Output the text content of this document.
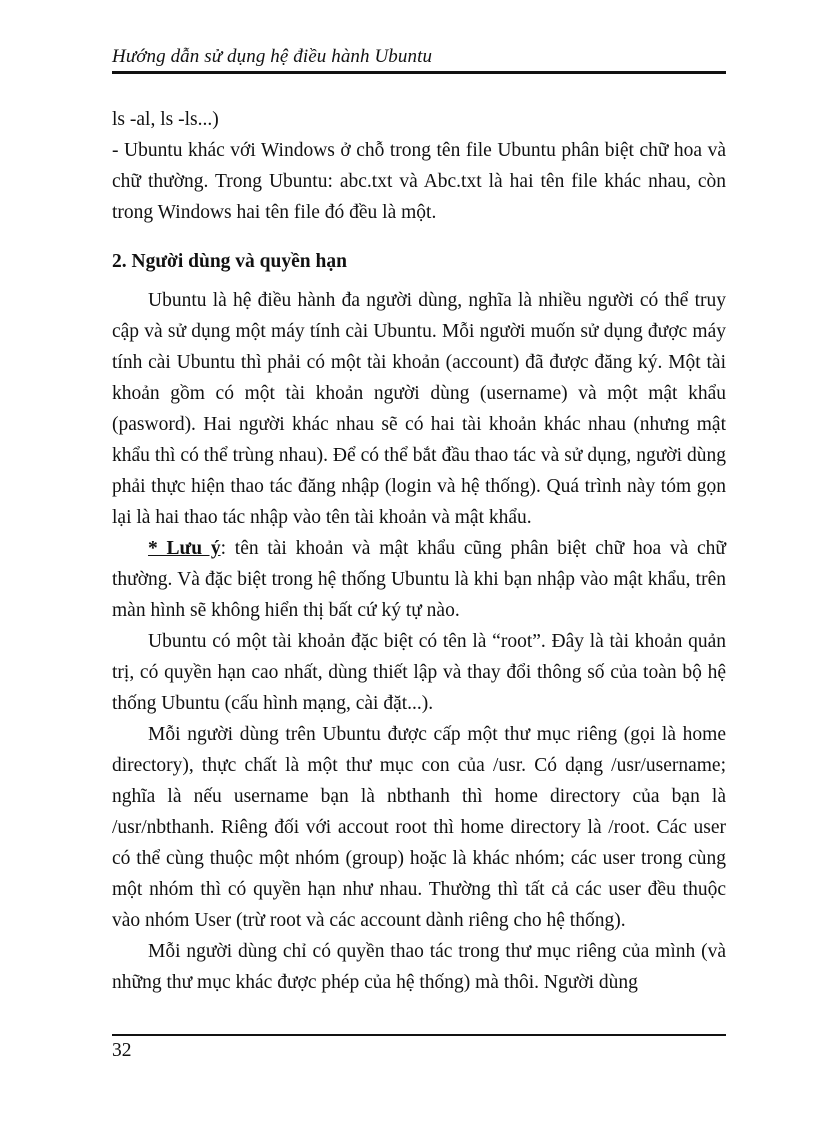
Hướng dẫn sử dụng hệ điều hành Ubuntu

ls -al, ls -ls...)

- Ubuntu khác với Windows ở chỗ trong tên file Ubuntu phân biệt chữ hoa và chữ thường. Trong Ubuntu: abc.txt và Abc.txt là hai tên file khác nhau, còn trong Windows hai tên file đó đều là một.

2. Người dùng và quyền hạn

Ubuntu là hệ điều hành đa người dùng, nghĩa là nhiều người có thể truy cập và sử dụng một máy tính cài Ubuntu. Mỗi người muốn sử dụng được máy tính cài Ubuntu thì phải có một tài khoản (account) đã được đăng ký. Một tài khoản gồm có một tài khoản người dùng (username) và một mật khẩu (pasword). Hai người khác nhau sẽ có hai tài khoản khác nhau (nhưng mật khẩu thì có thể trùng nhau). Để có thể bắt đầu thao tác và sử dụng, người dùng phải thực hiện thao tác đăng nhập (login và hệ thống). Quá trình này tóm gọn lại là hai thao tác nhập vào tên tài khoản và mật khẩu.

* Lưu ý: tên tài khoản và mật khẩu cũng phân biệt chữ hoa và chữ thường. Và đặc biệt trong hệ thống Ubuntu là khi bạn nhập vào mật khẩu, trên màn hình sẽ không hiển thị bất cứ ký tự nào.

Ubuntu có một tài khoản đặc biệt có tên là “root”. Đây là tài khoản quản trị, có quyền hạn cao nhất, dùng thiết lập và thay đổi thông số của toàn bộ hệ thống Ubuntu (cấu hình mạng, cài đặt...).

Mỗi người dùng trên Ubuntu được cấp một thư mục riêng (gọi là home directory), thực chất là một thư mục con của /usr. Có dạng /usr/username; nghĩa là nếu username bạn là nbthanh thì home directory của bạn là /usr/nbthanh. Riêng đối với accout root thì home directory là /root. Các user có thể cùng thuộc một nhóm (group) hoặc là khác nhóm; các user trong cùng một nhóm thì có quyền hạn như nhau. Thường thì tất cả các user đều thuộc vào nhóm User (trừ root và các account dành riêng cho hệ thống).

Mỗi người dùng chỉ có quyền thao tác trong thư mục riêng của mình (và những thư mục khác được phép của hệ thống) mà thôi. Người dùng

32
